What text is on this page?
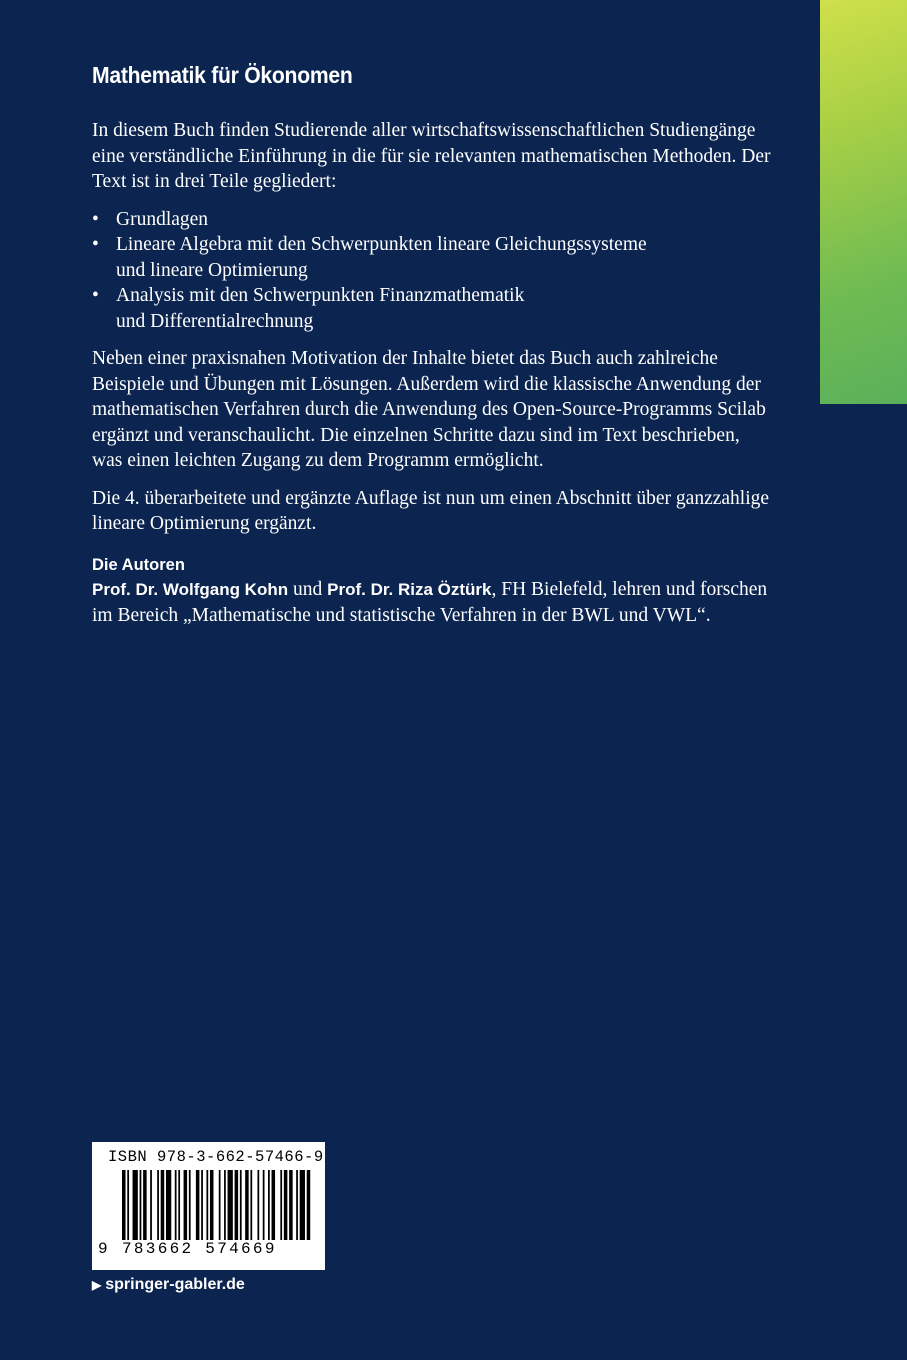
Mathematik für Ökonomen

In diesem Buch finden Studierende aller wirtschaftswissenschaftlichen Studiengänge eine verständliche Einführung in die für sie relevanten mathematischen Methoden. Der Text ist in drei Teile gegliedert:

• Grundlagen
• Lineare Algebra mit den Schwerpunkten lineare Gleichungssysteme
und lineare Optimierung
• Analysis mit den Schwerpunkten Finanzmathematik
und Differentialrechnung

Neben einer praxisnahen Motivation der Inhalte bietet das Buch auch zahlreiche Beispiele und Übungen mit Lösungen. Außerdem wird die klassische Anwendung der mathematischen Verfahren durch die Anwendung des Open-Source-Programms Scilab ergänzt und veranschaulicht. Die einzelnen Schritte dazu sind im Text beschrieben, was einen leichten Zugang zu dem Programm ermöglicht.

Die 4. überarbeitete und ergänzte Auflage ist nun um einen Abschnitt über ganzzahlige lineare Optimierung ergänzt.

Die Autoren

Prof. Dr. Wolfgang Kohn und Prof. Dr. Riza Öztürk, FH Bielefeld, lehren und forschen
im Bereich „Mathematische und statistische Verfahren in der BWL und VWL“.

ISBN 978-3-662-57466-9
9 783662 574669
▶ springer-gabler.de
